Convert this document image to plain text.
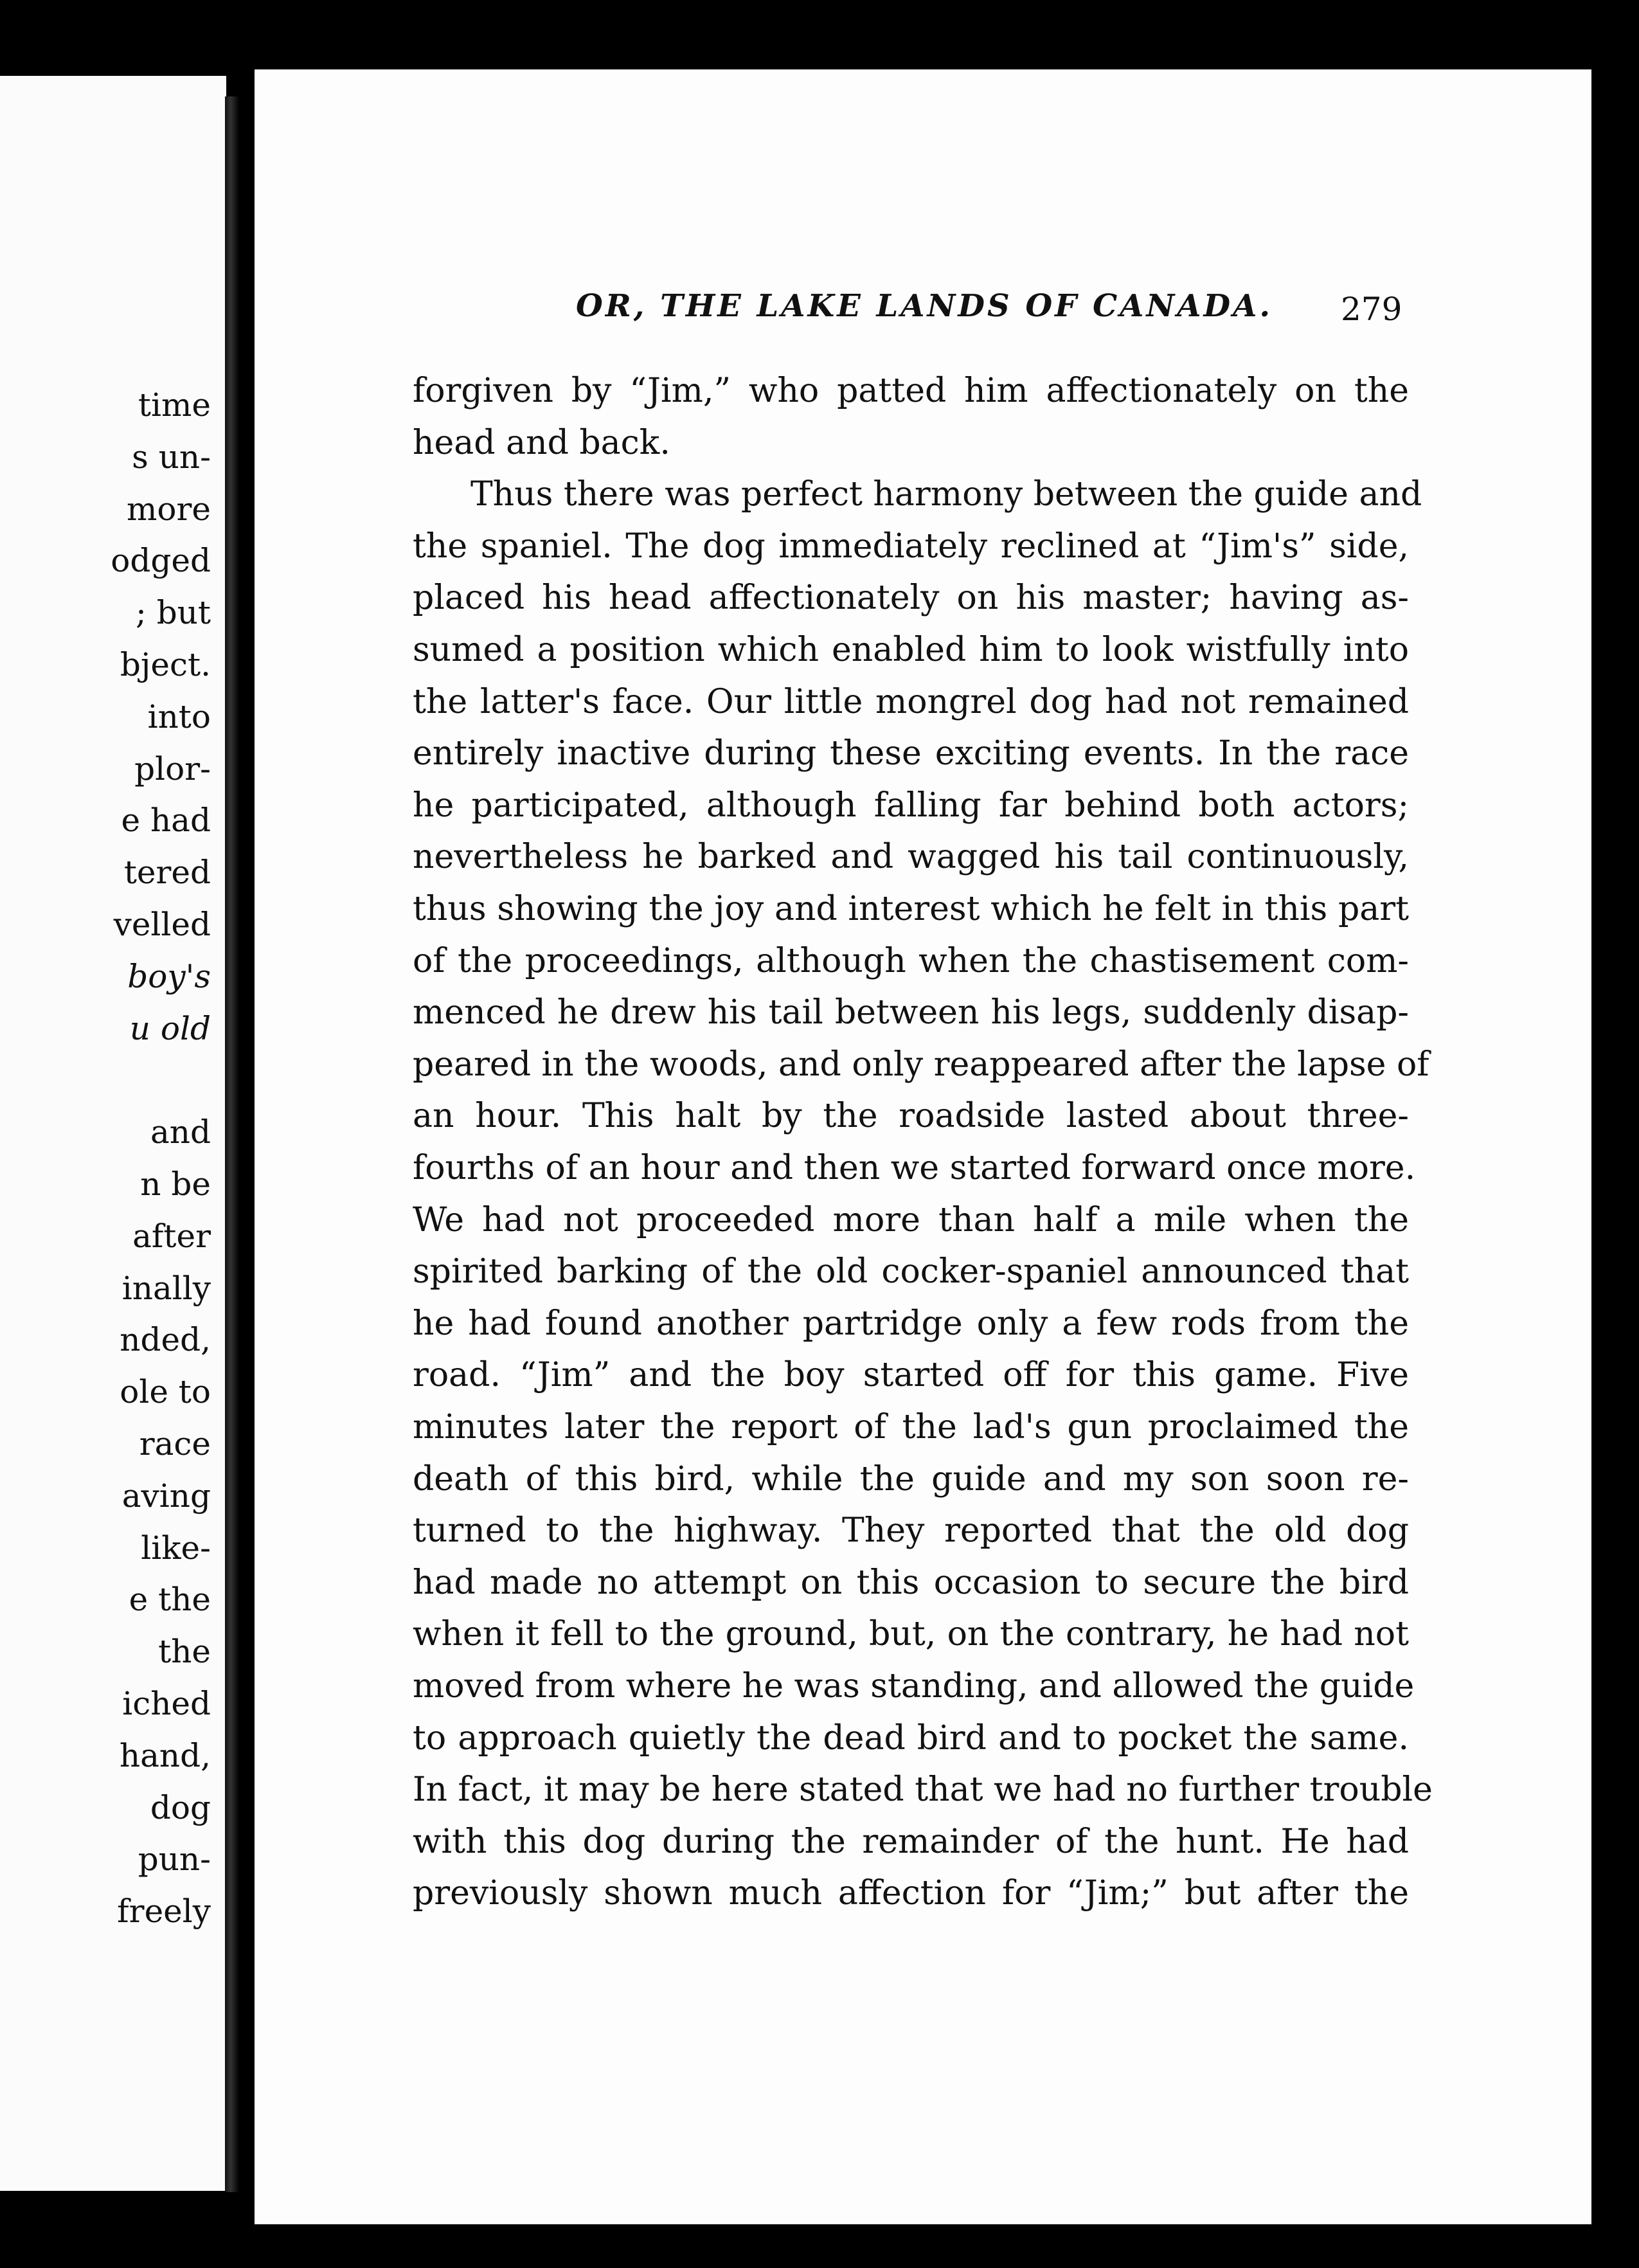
time
s un-
more
odged
; but
bject.
into
plor-
e had
tered
velled
boy's
u old
and
n be
after
inally
nded,
ole to
race
aving
like-
e the
the
iched
hand,
dog
pun-
freely
OR, THE LAKE LANDS OF CANADA. 279
forgiven by “Jim,” who patted him affectionately on the
head and back.
Thus there was perfect harmony between the guide and
the spaniel. The dog immediately reclined at “Jim's” side,
placed his head affectionately on his master; having as-
sumed a position which enabled him to look wistfully into
the latter's face. Our little mongrel dog had not remained
entirely inactive during these exciting events. In the race
he participated, although falling far behind both actors;
nevertheless he barked and wagged his tail continuously,
thus showing the joy and interest which he felt in this part
of the proceedings, although when the chastisement com-
menced he drew his tail between his legs, suddenly disap-
peared in the woods, and only reappeared after the lapse of
an hour. This halt by the roadside lasted about three-
fourths of an hour and then we started forward once more.
We had not proceeded more than half a mile when the
spirited barking of the old cocker-spaniel announced that
he had found another partridge only a few rods from the
road. “Jim” and the boy started off for this game. Five
minutes later the report of the lad's gun proclaimed the
death of this bird, while the guide and my son soon re-
turned to the highway. They reported that the old dog
had made no attempt on this occasion to secure the bird
when it fell to the ground, but, on the contrary, he had not
moved from where he was standing, and allowed the guide
to approach quietly the dead bird and to pocket the same.
In fact, it may be here stated that we had no further trouble
with this dog during the remainder of the hunt. He had
previously shown much affection for “Jim;” but after the
